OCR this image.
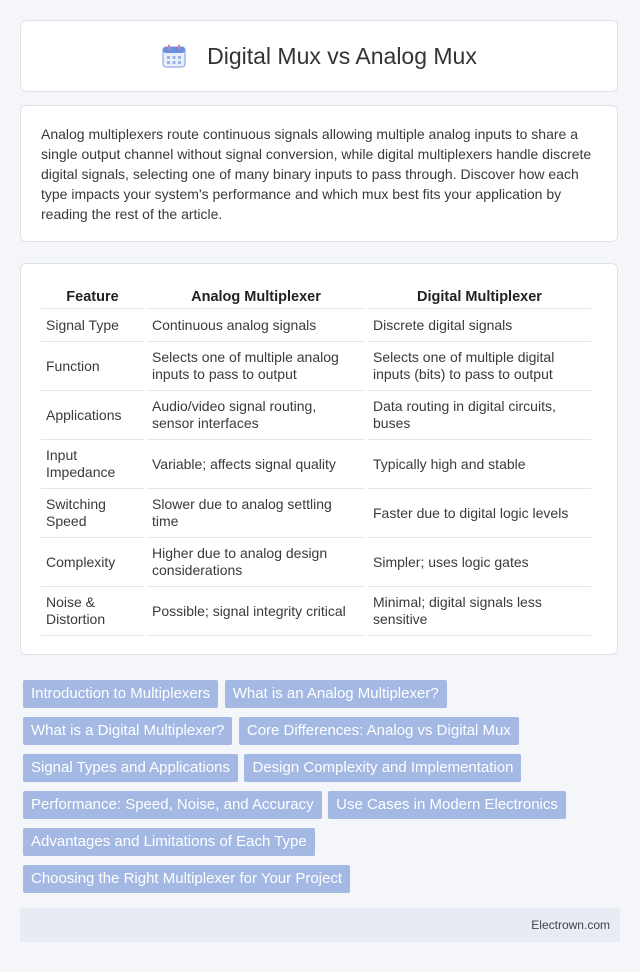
Digital Mux vs Analog Mux

Analog multiplexers route continuous signals allowing multiple analog inputs to share a single output channel without signal conversion, while digital multiplexers handle discrete digital signals, selecting one of many binary inputs to pass through. Discover how each type impacts your system's performance and which mux best fits your application by reading the rest of the article.

Feature	Analog Multiplexer	Digital Multiplexer
Signal Type	Continuous analog signals	Discrete digital signals
Function	Selects one of multiple analog inputs to pass to output	Selects one of multiple digital inputs (bits) to pass to output
Applications	Audio/video signal routing, sensor interfaces	Data routing in digital circuits, buses
Input Impedance	Variable; affects signal quality	Typically high and stable
Switching Speed	Slower due to analog settling time	Faster due to digital logic levels
Complexity	Higher due to analog design considerations	Simpler; uses logic gates
Noise & Distortion	Possible; signal integrity critical	Minimal; digital signals less sensitive
Introduction to Multiplexers What is an Analog Multiplexer? What is a Digital Multiplexer? Core Differences: Analog vs Digital Mux Signal Types and Applications Design Complexity and Implementation Performance: Speed, Noise, and Accuracy Use Cases in Modern Electronics Advantages and Limitations of Each Type Choosing the Right Multiplexer for Your Project
Electrown.com
